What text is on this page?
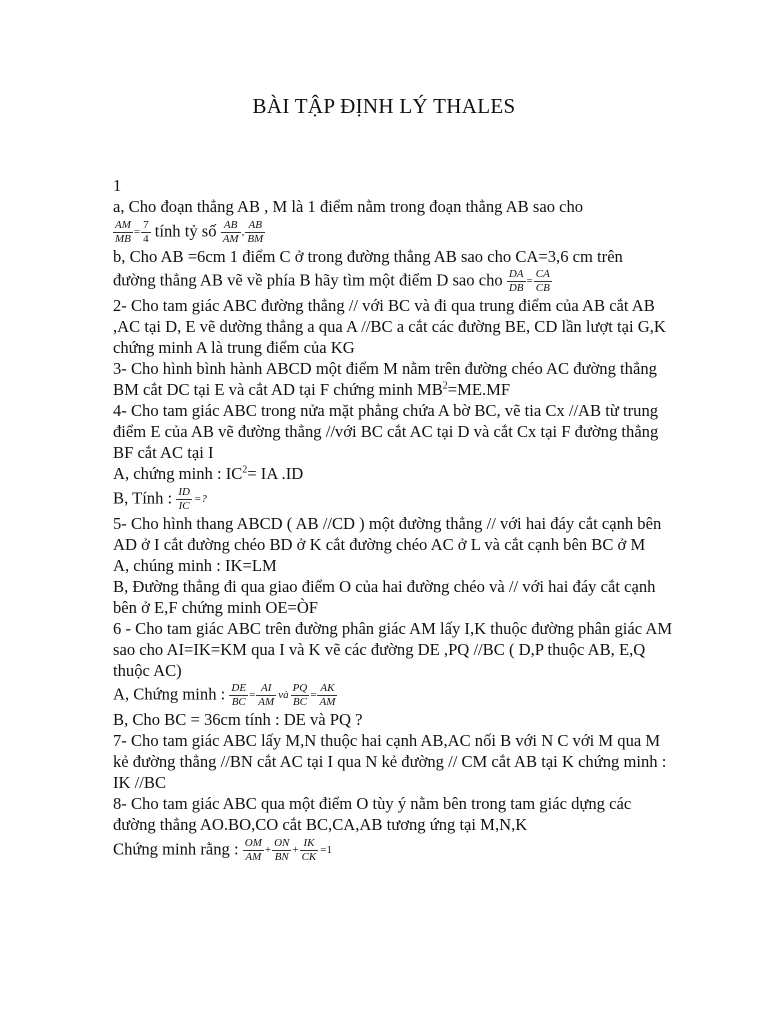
BÀI TẬP ĐỊNH LÝ THALES

1

a, Cho đoạn thẳng AB , M là 1 điểm nằm trong đoạn thẳng AB sao cho

$\frac{AM}{MB} = \frac{7}{4}$ tính tỷ số $\frac{AB}{AM}$ , $\frac{AB}{BM}$

b, Cho AB =6cm 1 điểm C ở trong đường thẳng AB sao cho CA=3,6 cm trên

đường thẳng AB vẽ về phía B hãy tìm một điểm D sao cho $\frac{DA}{DB} = \frac{CA}{CB}$

2- Cho tam giác ABC đường thẳng // với BC và đi qua trung điểm của AB cắt AB ,AC tại D, E vẽ dường thẳng a qua A //BC a cắt các đường BE, CD lần lượt tại G,K chứng minh A là trung điểm của KG

3- Cho hình bình hành ABCD một điểm M nằm trên đường chéo AC đường thẳng BM cắt DC tại E và cắt AD tại F chứng minh $MB^2=ME.MF$

4- Cho tam giác ABC trong nửa mặt phẳng chứa A bờ BC, vẽ tia Cx //AB từ trung điểm E của AB vẽ đường thẳng //với BC cắt AC tại D và cắt Cx tại F đường thẳng BF cắt AC tại I

A, chứng minh : $IC^2=$ IA .ID

B, Tính : $\frac{ID}{IC}$ =?

5- Cho hình thang ABCD ( AB //CD ) một đường thẳng // với hai đáy cắt cạnh bên AD ở I cắt đường chéo BD ở K cắt đường chéo AC ở L và cắt cạnh bên BC ở M

A, chúng minh : IK=LM

B, Đường thẳng đi qua giao điểm O của hai đường chéo và // với hai đáy cắt cạnh bên ở E,F chứng minh OE=ÒF

6 - Cho tam giác ABC trên đường phân giác AM lấy I,K thuộc đường phân giác AM sao cho AI=IK=KM qua I và K vẽ các đường DE ,PQ //BC ( D,P thuộc AB, E,Q thuộc AC)

A, Chứng minh : $\frac{DE}{BC} = \frac{AI}{AM}$ và $\frac{PQ}{BC} = \frac{AK}{AM}$

B, Cho BC = 36cm tính : DE và PQ ?

7- Cho tam giác ABC lấy M,N thuộc hai cạnh AB,AC nối B với N C với M qua M kẻ đường thẳng //BN cắt AC tại I qua N kẻ đường // CM cắt AB tại K chứng minh : IK //BC

8- Cho tam giác ABC qua một điểm O tùy ý nằm bên trong tam giác dựng các đường thẳng AO.BO,CO cắt BC,CA,AB tương ứng tại M,N,K

Chứng minh rằng : $\frac{OM}{AM} + \frac{ON}{BN} + \frac{IK}{CK} =1$
